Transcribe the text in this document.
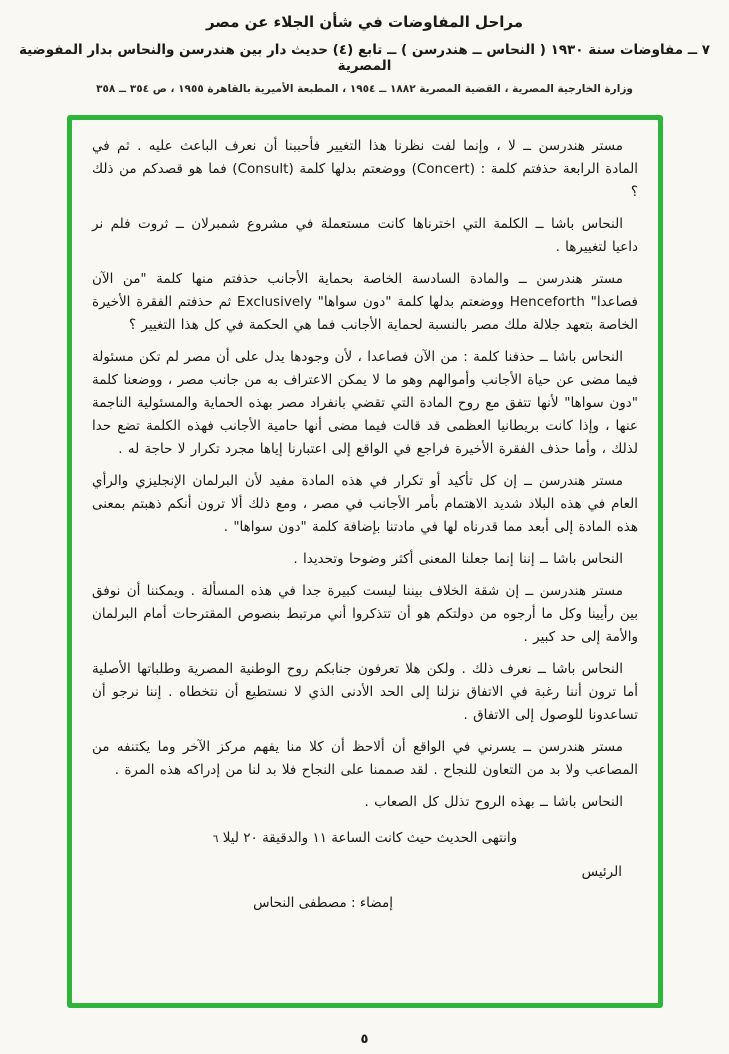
مراحل المفاوضات في شأن الجلاء عن مصر
٧ ــ مفاوضات سنة ١٩٣٠ ( النحاس ــ هندرسن ) ــ تابع (٤) حديث دار بين هندرسن والنحاس بدار المفوضية المصرية
وزارة الخارجية المصرية ، القضية المصرية ١٨٨٢ ــ ١٩٥٤ ، المطبعة الأميرية بالقاهرة ١٩٥٥ ، ص ٣٥٤ ــ ٣٥٨

مستر هندرسن ــ لا ، وإنما لفت نظرنا هذا التغيير فأحببنا أن نعرف الباعث عليه . ثم في المادة الرابعة حذفتم كلمة : (Concert) ووضعتم بدلها كلمة (Consult) فما هو قصدكم من ذلك ؟

النحاس باشا ــ الكلمة التي اخترناها كانت مستعملة في مشروع شمبرلان ــ ثروت فلم نر داعيا لتغييرها .

مستر هندرسن ــ والمادة السادسة الخاصة بحماية الأجانب حذفتم منها كلمة "من الآن فصاعدا" Henceforth ووضعتم بدلها كلمة "دون سواها" Exclusively ثم حذفتم الفقرة الأخيرة الخاصة بتعهد جلالة ملك مصر بالنسبة لحماية الأجانب فما هي الحكمة في كل هذا التغيير ؟

النحاس باشا ــ حذفنا كلمة : من الآن فصاعدا ، لأن وجودها يدل على أن مصر لم تكن مسئولة فيما مضى عن حياة الأجانب وأموالهم وهو ما لا يمكن الاعتراف به من جانب مصر ، ووضعنا كلمة "دون سواها" لأنها تتفق مع روح المادة التي تقضي بانفراد مصر بهذه الحماية والمسئولية الناجمة عنها ، وإذا كانت بريطانيا العظمى قد قالت فيما مضى أنها حامية الأجانب فهذه الكلمة تضع حدا لذلك ، وأما حذف الفقرة الأخيرة فراجع في الواقع إلى اعتبارنا إياها مجرد تكرار لا حاجة له .

مستر هندرسن ــ إن كل تأكيد أو تكرار في هذه المادة مفيد لأن البرلمان الإنجليزي والرأي العام في هذه البلاد شديد الاهتمام بأمر الأجانب في مصر ، ومع ذلك ألا ترون أنكم ذهبتم بمعنى هذه المادة إلى أبعد مما قدرناه لها في مادتنا بإضافة كلمة "دون سواها" .

النحاس باشا ــ إننا إنما جعلنا المعنى أكثر وضوحا وتحديدا .

مستر هندرسن ــ إن شقة الخلاف بيننا ليست كبيرة جدا في هذه المسألة . ويمكننا أن نوفق بين رأيينا وكل ما أرجوه من دولتكم هو أن تتذكروا أني مرتبط بنصوص المقترحات أمام البرلمان والأمة إلى حد كبير .

النحاس باشا ــ نعرف ذلك . ولكن هلا تعرفون جنابكم روح الوطنية المصرية وطلباتها الأصلية أما ترون أننا رغبة في الاتفاق نزلنا إلى الحد الأدنى الذي لا نستطيع أن نتخطاه . إننا نرجو أن تساعدونا للوصول إلى الاتفاق .

مستر هندرسن ــ يسرني في الواقع أن ألاحظ أن كلا منا يفهم مركز الآخر وما يكتنفه من المصاعب ولا بد من التعاون للنجاح . لقد صممنا على النجاح فلا بد لنا من إدراكه هذه المرة .

النحاس باشا ــ بهذه الروح تذلل كل الصعاب .

وانتهى الحديث حيث كانت الساعة ١١ والدقيقة ٢٠ ليلا ٦

الرئيس

إمضاء : مصطفى النحاس

٥
